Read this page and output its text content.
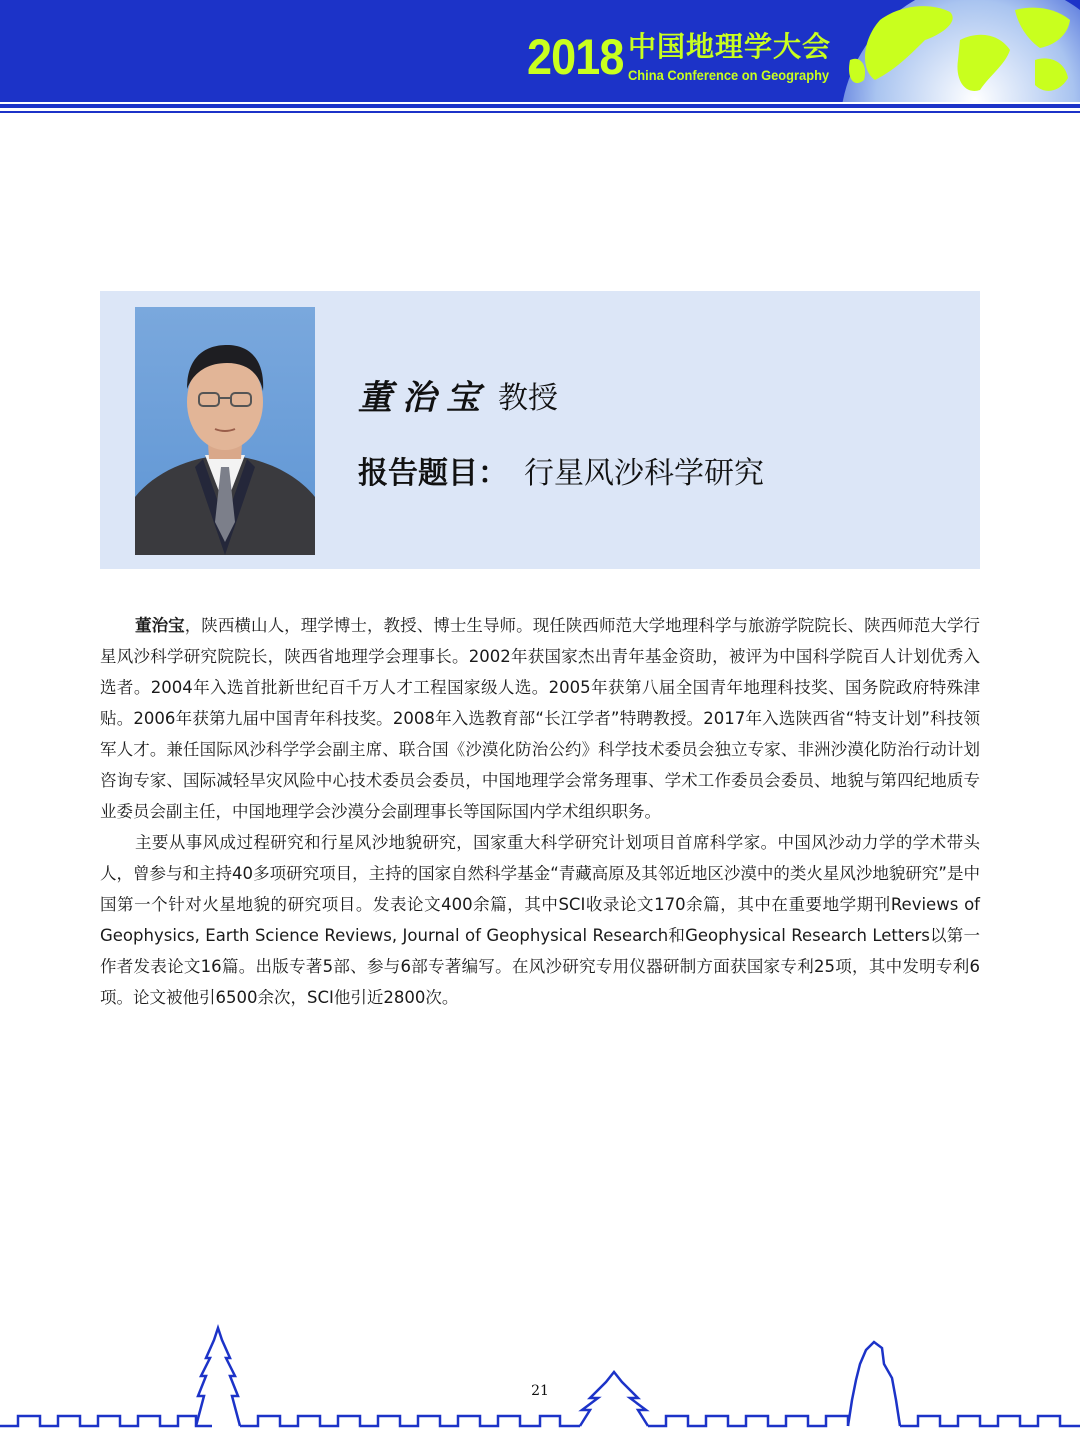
2018 中国地理学大会
China Conference on Geography
董治宝 教授
报告题目： 行星风沙科学研究

董治宝，陕西横山人，理学博士，教授、博士生导师。现任陕西师范大学地理科学与旅游学院院长、陕西师范大学行星风沙科学研究院院长，陕西省地理学会理事长。2002年获国家杰出青年基金资助，被评为中国科学院百人计划优秀入选者。2004年入选首批新世纪百千万人才工程国家级人选。2005年获第八届全国青年地理科技奖、国务院政府特殊津贴。2006年获第九届中国青年科技奖。2008年入选教育部“长江学者”特聘教授。2017年入选陕西省“特支计划”科技领军人才。兼任国际风沙科学学会副主席、联合国《沙漠化防治公约》科学技术委员会独立专家、非洲沙漠化防治行动计划咨询专家、国际减轻旱灾风险中心技术委员会委员，中国地理学会常务理事、学术工作委员会委员、地貌与第四纪地质专业委员会副主任，中国地理学会沙漠分会副理事长等国际国内学术组织职务。

主要从事风成过程研究和行星风沙地貌研究，国家重大科学研究计划项目首席科学家。中国风沙动力学的学术带头人，曾参与和主持40多项研究项目，主持的国家自然科学基金“青藏高原及其邻近地区沙漠中的类火星风沙地貌研究”是中国第一个针对火星地貌的研究项目。发表论文400余篇，其中SCI收录论文170余篇，其中在重要地学期刊Reviews of Geophysics, Earth Science Reviews, Journal of Geophysical Research和Geophysical Research Letters以第一作者发表论文16篇。出版专著5部、参与6部专著编写。在风沙研究专用仪器研制方面获国家专利25项，其中发明专利6项。论文被他引6500余次，SCI他引近2800次。

21
